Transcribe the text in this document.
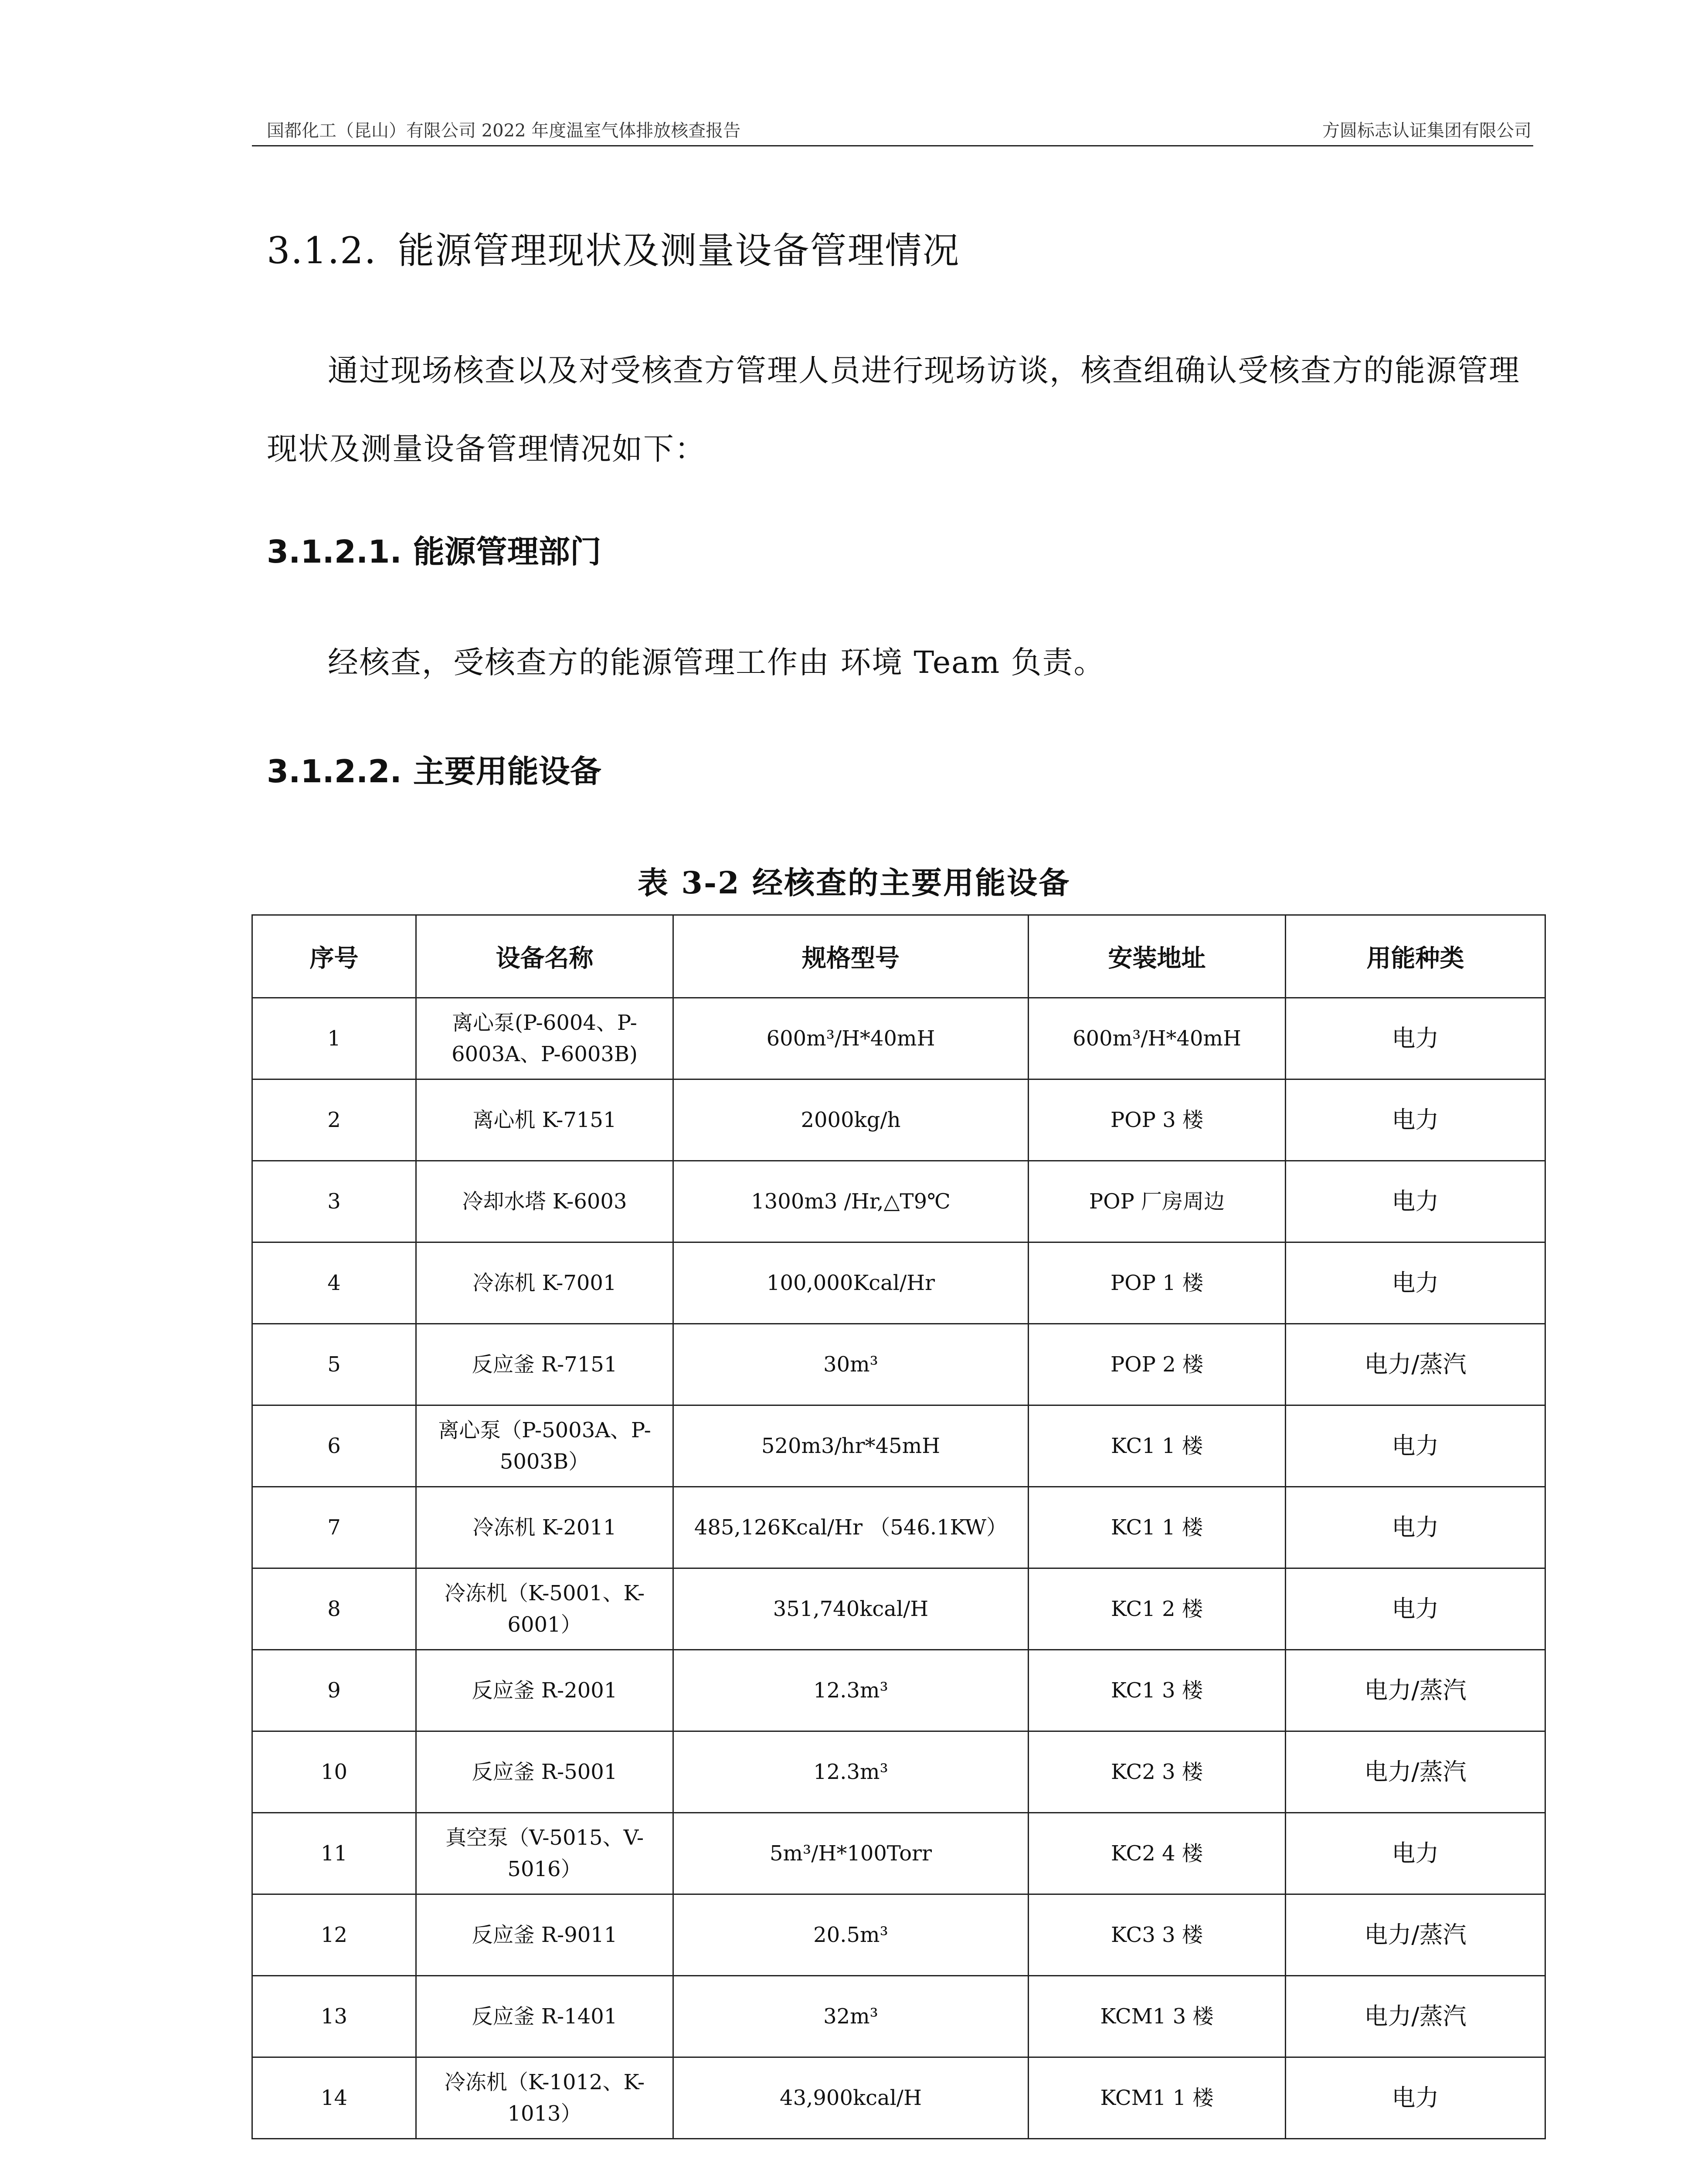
国都化工（昆山）有限公司 2022 年度温室气体排放核查报告	方圆标志认证集团有限公司
3.1.2. 能源管理现状及测量设备管理情况
通过现场核查以及对受核查方管理人员进行现场访谈，核查组确认受核查方的能源管理现状及测量设备管理情况如下：
3.1.2.1. 能源管理部门
经核查，受核查方的能源管理工作由 环境 Team 负责。
3.1.2.2. 主要用能设备
表 3-2 经核查的主要用能设备
序号	设备名称	规格型号	安装地址	用能种类
1	离心泵(P-6004、P-6003A、P-6003B)	600m³/H*40mH	600m³/H*40mH	电力
2	离心机 K-7151	2000kg/h	POP 3 楼	电力
3	冷却水塔 K-6003	1300m3 /Hr,△T9℃	POP 厂房周边	电力
4	冷冻机 K-7001	100,000Kcal/Hr	POP 1 楼	电力
5	反应釜 R-7151	30m³	POP 2 楼	电力/蒸汽
6	离心泵（P-5003A、P-5003B）	520m3/hr*45mH	KC1 1 楼	电力
7	冷冻机 K-2011	485,126Kcal/Hr （546.1KW）	KC1 1 楼	电力
8	冷冻机（K-5001、K-6001）	351,740kcal/H	KC1 2 楼	电力
9	反应釜 R-2001	12.3m³	KC1 3 楼	电力/蒸汽
10	反应釜 R-5001	12.3m³	KC2 3 楼	电力/蒸汽
11	真空泵（V-5015、V-5016）	5m³/H*100Torr	KC2 4 楼	电力
12	反应釜 R-9011	20.5m³	KC3 3 楼	电力/蒸汽
13	反应釜 R-1401	32m³	KCM1 3 楼	电力/蒸汽
14	冷冻机（K-1012、K-1013）	43,900kcal/H	KCM1 1 楼	电力
